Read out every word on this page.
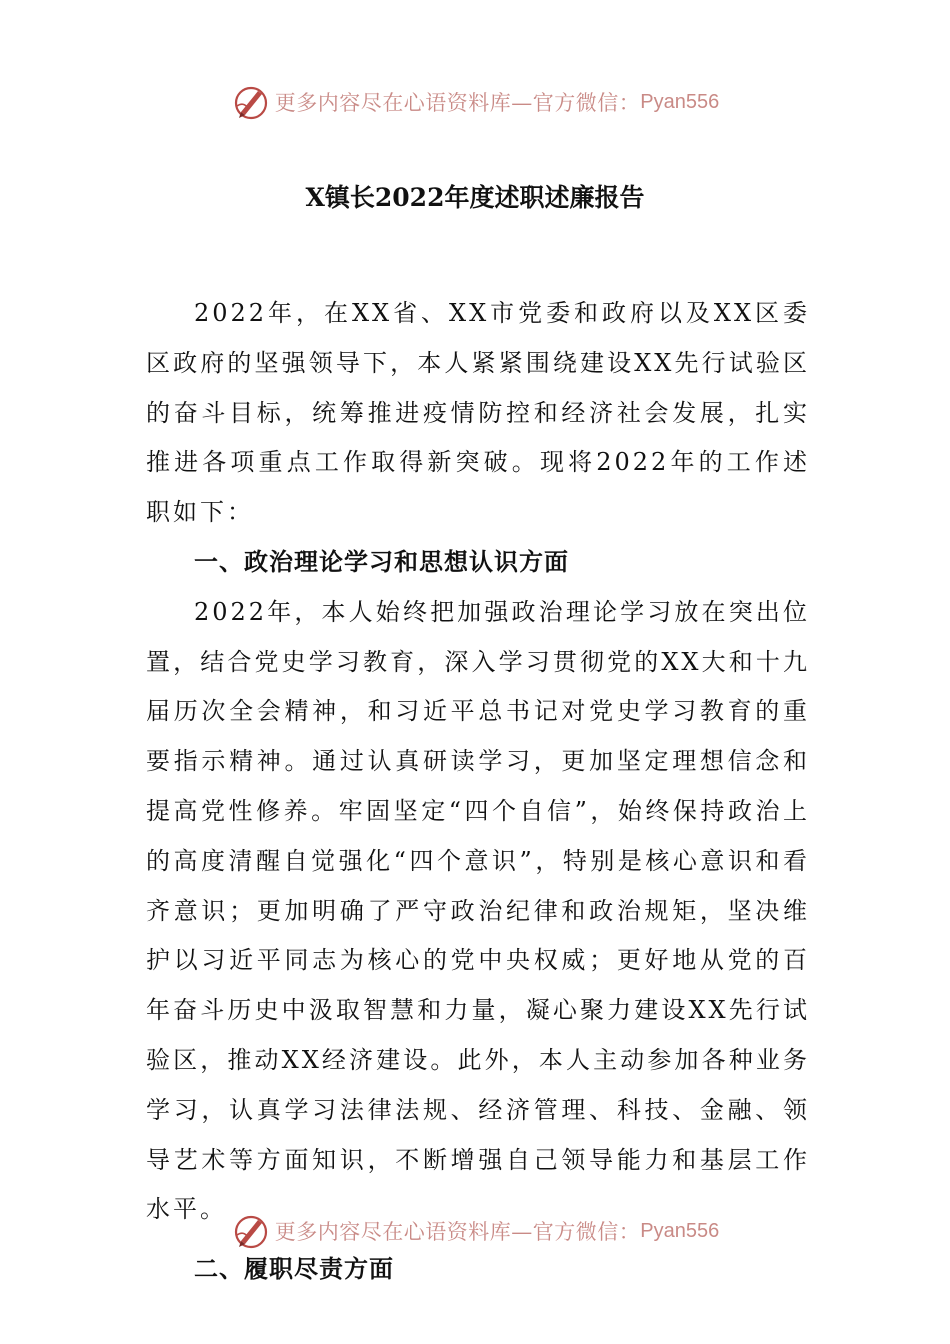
更多内容尽在心语资料库—官方微信： Pyan556
X镇长2022年度述职述廉报告

2022年，在XX省、XX市党委和政府以及XX区委区政府的坚强领导下，本人紧紧围绕建设XX先行试验区的奋斗目标，统筹推进疫情防控和经济社会发展，扎实推进各项重点工作取得新突破。现将2022年的工作述职如下：

一、政治理论学习和思想认识方面

2022年，本人始终把加强政治理论学习放在突出位置，结合党史学习教育，深入学习贯彻党的XX大和十九届历次全会精神，和习近平总书记对党史学习教育的重要指示精神。通过认真研读学习，更加坚定理想信念和提高党性修养。牢固坚定“四个自信”，始终保持政治上的高度清醒自觉强化“四个意识”，特别是核心意识和看齐意识；更加明确了严守政治纪律和政治规矩，坚决维护以习近平同志为核心的党中央权威；更好地从党的百年奋斗历史中汲取智慧和力量，凝心聚力建设XX先行试验区，推动XX经济建设。此外，本人主动参加各种业务学习，认真学习法律法规、经济管理、科技、金融、领导艺术等方面知识，不断增强自己领导能力和基层工作水平。

二、履职尽责方面
更多内容尽在心语资料库—官方微信： Pyan556
